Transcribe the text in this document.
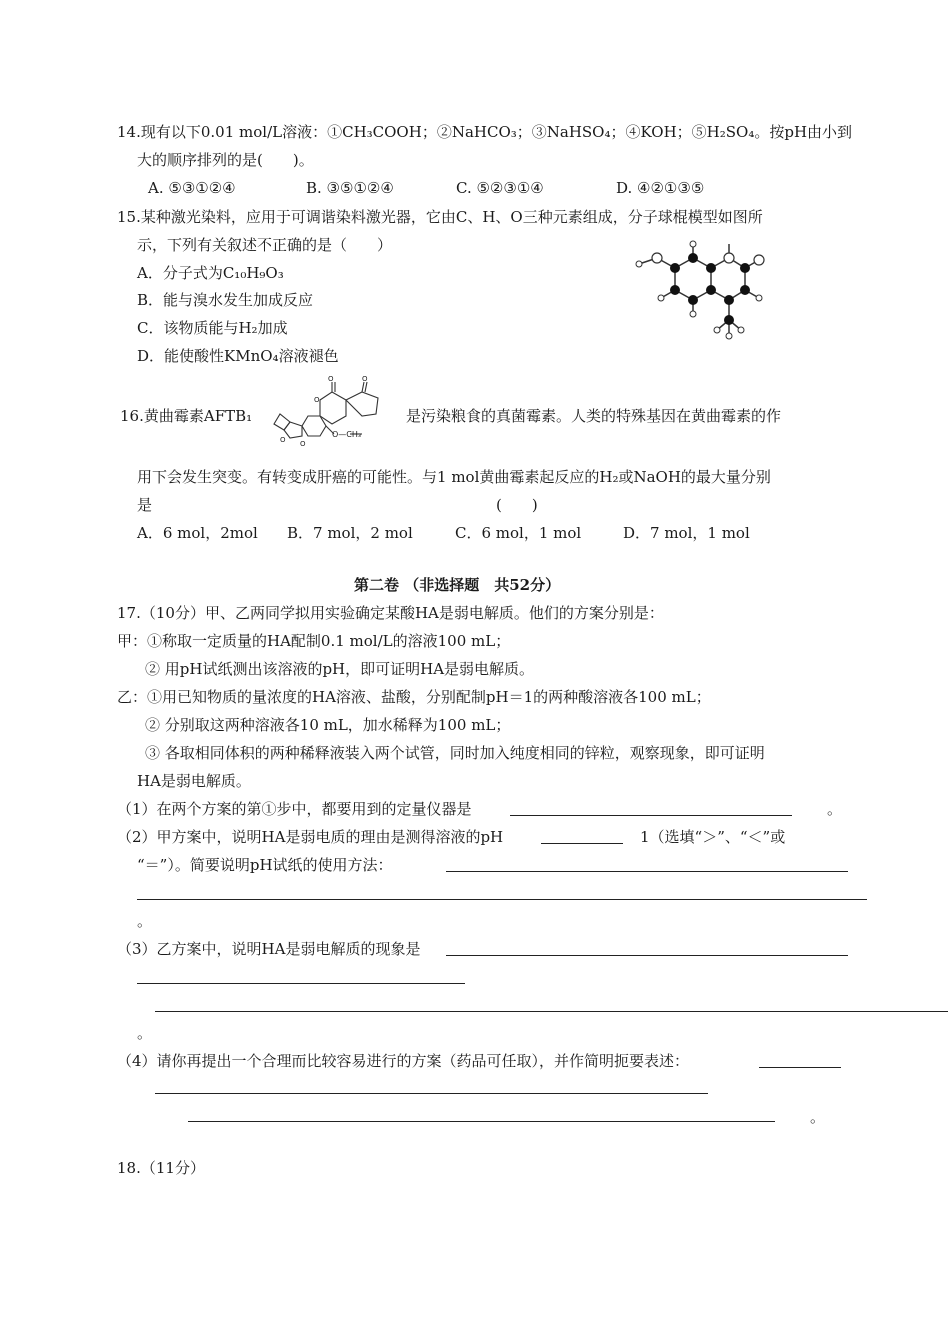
14.现有以下0.01 mol/L溶液：①CH₃COOH；②NaHCO₃；③NaHSO₄；④KOH；⑤H₂SO₄。按pH由小到
大的顺序排列的是(　　)。
A. ⑤③①②④	B. ③⑤①②④	C. ⑤②③①④	D. ④②①③⑤
15.某种激光染料，应用于可调谐染料激光器，它由C、H、O三种元素组成，分子球棍模型如图所
示，下列有关叙述不正确的是（　　）
A．分子式为C₁₀H₉O₃
B．能与溴水发生加成反应
C．该物质能与H₂加成
D．能使酸性KMnO₄溶液褪色
16.黄曲霉素AFTB₁
O O
O	O
O
O—CH₃
是污染粮食的真菌霉素。人类的特殊基因在黄曲霉素的作
用下会发生突变。有转变成肝癌的可能性。与1 mol黄曲霉素起反应的H₂或NaOH的最大量分别
是	(　　)
A．6 mol，2mol B．7 mol，2 mol	C．6 mol，1 mol	D．7 mol，1 mol
第二卷 （非选择题　共52分）
17.（10分）甲、乙两同学拟用实验确定某酸HA是弱电解质。他们的方案分别是：
甲：①称取一定质量的HA配制0.1 mol/L的溶液100 mL；
② 用pH试纸测出该溶液的pH，即可证明HA是弱电解质。
乙：①用已知物质的量浓度的HA溶液、盐酸，分别配制pH＝1的两种酸溶液各100 mL；
② 分别取这两种溶液各10 mL，加水稀释为100 mL；
③ 各取相同体积的两种稀释液装入两个试管，同时加入纯度相同的锌粒，观察现象，即可证明
HA是弱电解质。
（1）在两个方案的第①步中，都要用到的定量仪器是	。
（2）甲方案中，说明HA是弱电质的理由是测得溶液的pH	1（选填“＞”、“＜”或
“＝”）。简要说明pH试纸的使用方法：
。
（3）乙方案中，说明HA是弱电解质的现象是
。
（4）请你再提出一个合理而比较容易进行的方案（药品可任取），并作简明扼要表述：
。
18.（11分）
